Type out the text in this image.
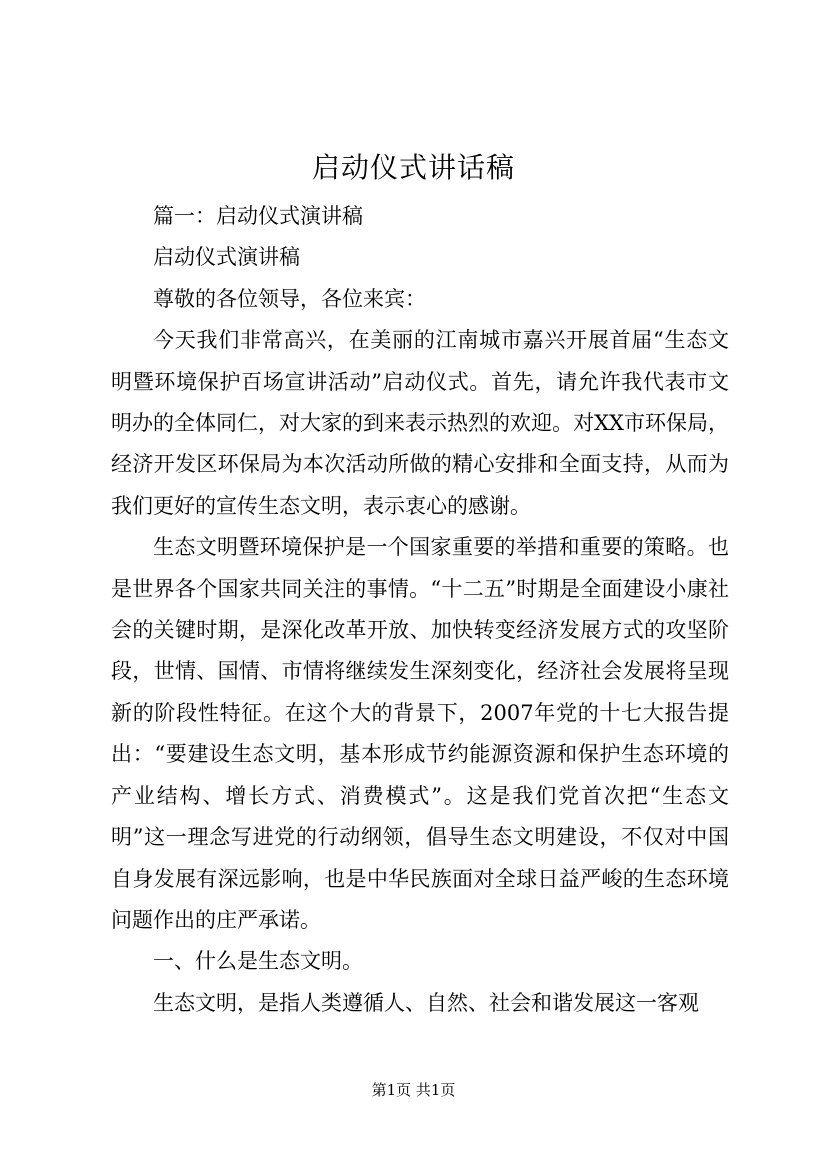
启动仪式讲话稿

篇一：启动仪式演讲稿

启动仪式演讲稿

尊敬的各位领导，各位来宾：

今天我们非常高兴，在美丽的江南城市嘉兴开展首届“生态文明暨环境保护百场宣讲活动”启动仪式。首先，请允许我代表市文明办的全体同仁，对大家的到来表示热烈的欢迎。对XX市环保局，经济开发区环保局为本次活动所做的精心安排和全面支持，从而为我们更好的宣传生态文明，表示衷心的感谢。

生态文明暨环境保护是一个国家重要的举措和重要的策略。也是世界各个国家共同关注的事情。“十二五”时期是全面建设小康社会的关键时期，是深化改革开放、加快转变经济发展方式的攻坚阶段，世情、国情、市情将继续发生深刻变化，经济社会发展将呈现新的阶段性特征。在这个大的背景下，2007年党的十七大报告提出：“要建设生态文明，基本形成节约能源资源和保护生态环境的产业结构、增长方式、消费模式”。这是我们党首次把“生态文明”这一理念写进党的行动纲领，倡导生态文明建设，不仅对中国自身发展有深远影响，也是中华民族面对全球日益严峻的生态环境问题作出的庄严承诺。

一、什么是生态文明。

生态文明，是指人类遵循人、自然、社会和谐发展这一客观

第1页 共1页
